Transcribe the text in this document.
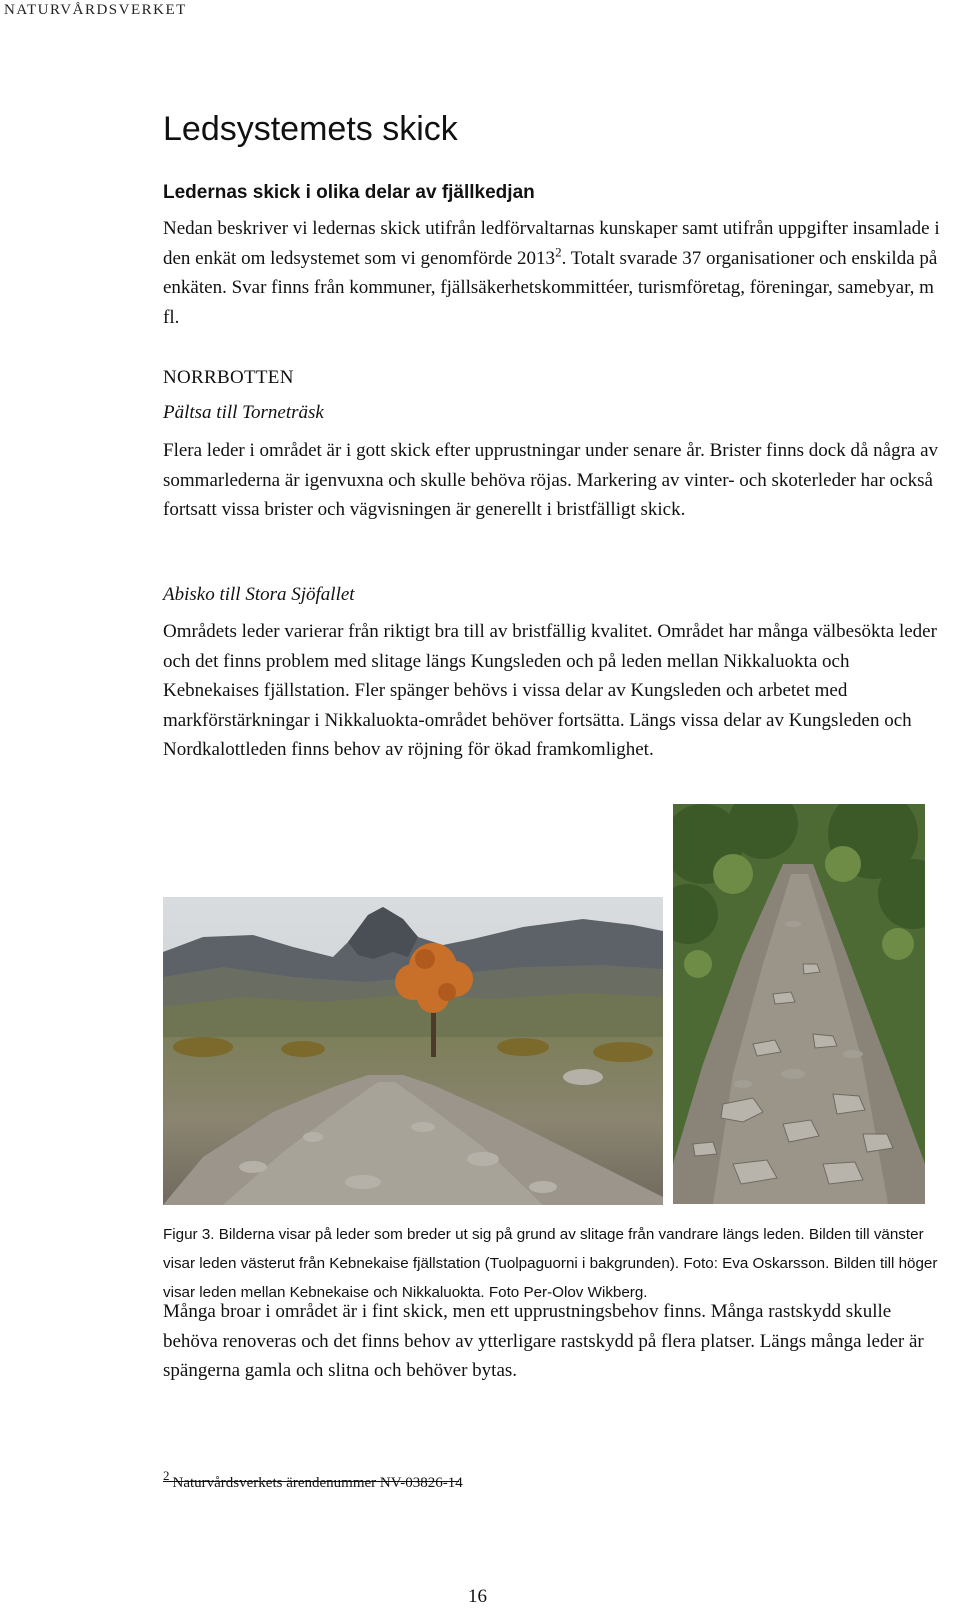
NATURVÅRDSVERKET
Ledsystemets skick
Ledernas skick i olika delar av fjällkedjan

Nedan beskriver vi ledernas skick utifrån ledförvaltarnas kunskaper samt utifrån uppgifter insamlade i den enkät om ledsystemet som vi genomförde 2013$^2$. Totalt svarade 37 organisationer och enskilda på enkäten. Svar finns från kommuner, fjällsäkerhetskommittéer, turismföretag, föreningar, samebyar, m fl.

NORRBOTTEN
Pältsa till Torneträsk

Flera leder i området är i gott skick efter upprustningar under senare år. Brister finns dock då några av sommarlederna är igenvuxna och skulle behöva röjas. Markering av vinter- och skoterleder har också fortsatt vissa brister och vägvisningen är generellt i bristfälligt skick.

Abisko till Stora Sjöfallet

Områdets leder varierar från riktigt bra till av bristfällig kvalitet. Området har många välbesökta leder och det finns problem med slitage längs Kungsleden och på leden mellan Nikkaluokta och Kebnekaises fjällstation. Fler spänger behövs i vissa delar av Kungsleden och arbetet med markförstärkningar i Nikkaluokta-området behöver fortsätta. Längs vissa delar av Kungsleden och Nordkalottleden finns behov av röjning för ökad framkomlighet.

Figur 3. Bilderna visar på leder som breder ut sig på grund av slitage från vandrare längs leden. Bilden till vänster visar leden västerut från Kebnekaise fjällstation (Tuolpaguorni i bakgrunden). Foto: Eva Oskarsson. Bilden till höger visar leden mellan Kebnekaise och Nikkaluokta. Foto Per-Olov Wikberg.

Många broar i området är i fint skick, men ett upprustningsbehov finns. Många rastskydd skulle behöva renoveras och det finns behov av ytterligare rastskydd på flera platser. Längs många leder är spängerna gamla och slitna och behöver bytas.

2 Naturvårdsverkets ärendenummer NV-03826-14

16
